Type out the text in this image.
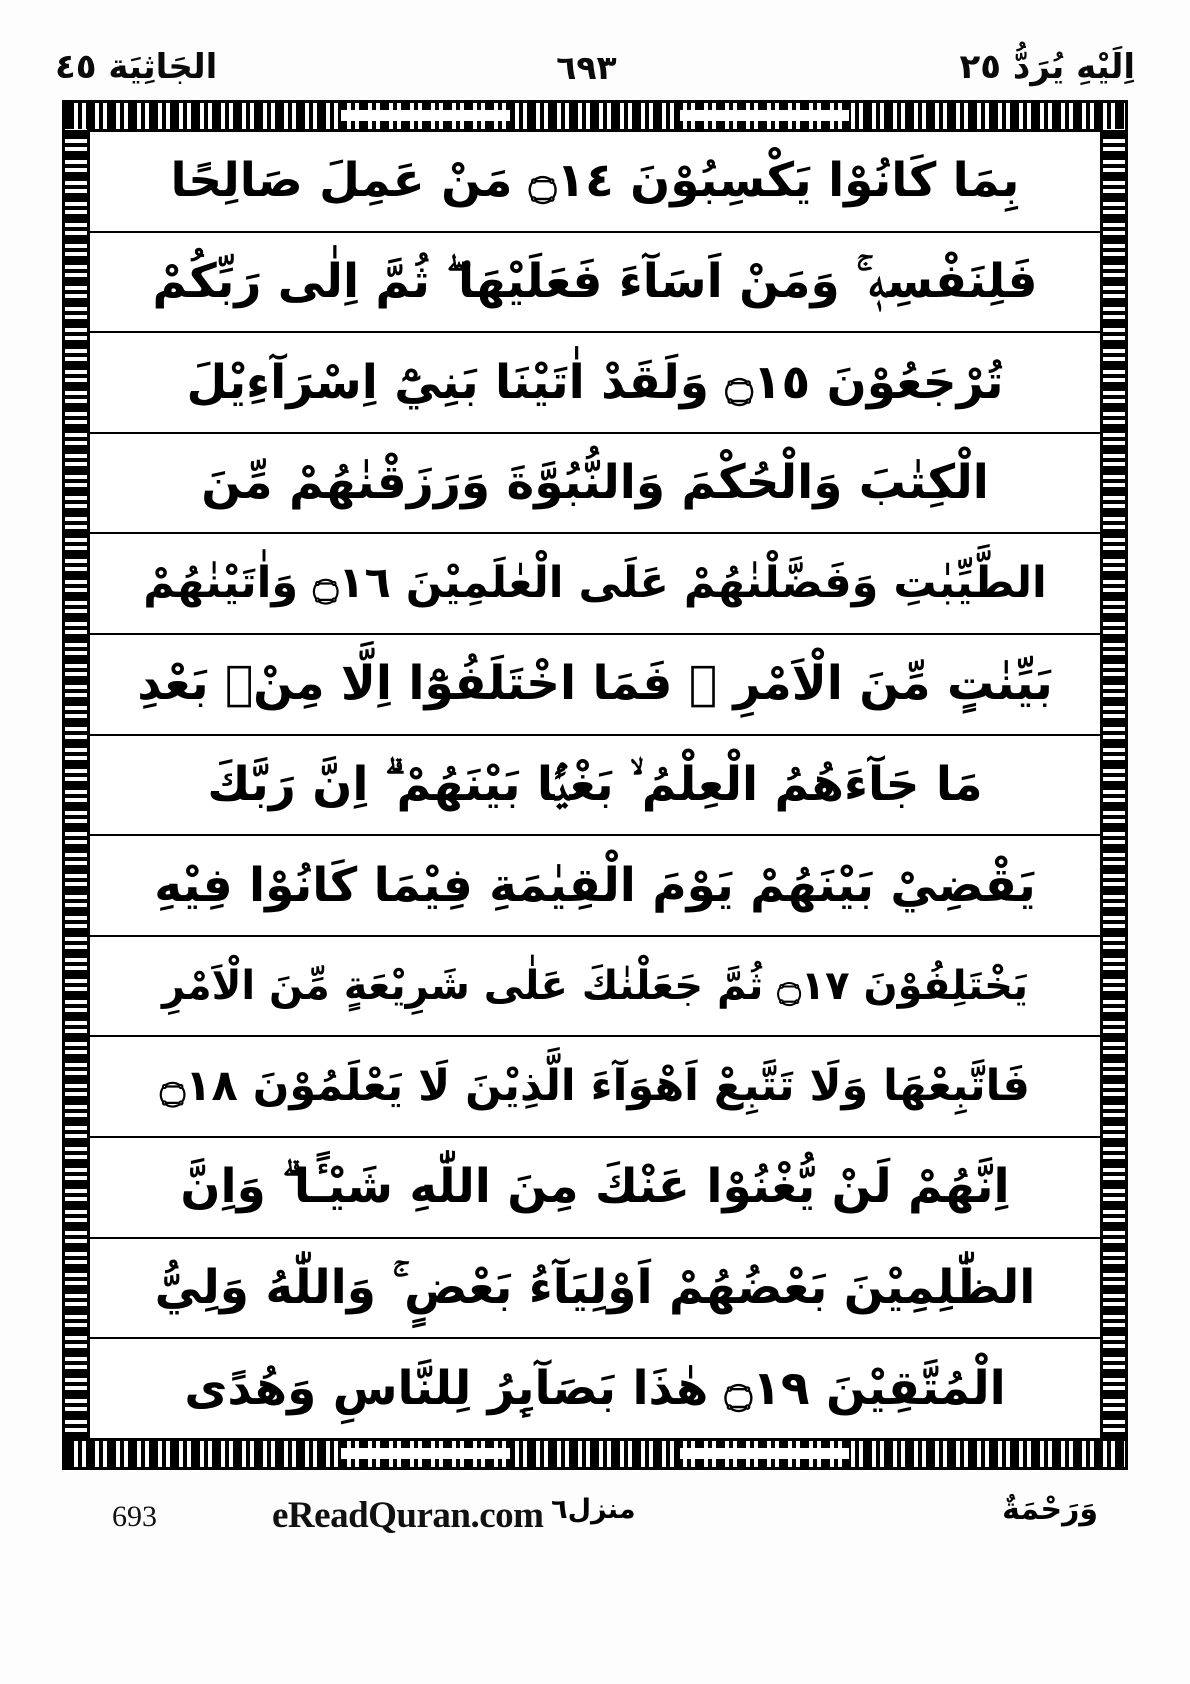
اِلَيْهِ يُرَدُّ ٢٥
٦٩٣
الجَاثِيَة ٤٥
بِمَا كَانُوْا يَكْسِبُوْنَ ۝١٤ مَنْ عَمِلَ صَالِحًا
فَلِنَفْسِهٖ ۚ وَمَنْ اَسَآءَ فَعَلَيْهَا ۖ ثُمَّ اِلٰى رَبِّكُمْ
تُرْجَعُوْنَ ۝١٥ وَلَقَدْ اٰتَيْنَا بَنِيْٓ اِسْرَآءِيْلَ
الْكِتٰبَ وَالْحُكْمَ وَالنُّبُوَّةَ وَرَزَقْنٰهُمْ مِّنَ
الطَّيِّبٰتِ وَفَضَّلْنٰهُمْ عَلَى الْعٰلَمِيْنَ ۝١٦ وَاٰتَيْنٰهُمْ
بَيِّنٰتٍ مِّنَ الْاَمْرِ ۚ فَمَا اخْتَلَفُوْٓا اِلَّا مِنْۢ بَعْدِ
مَا جَآءَهُمُ الْعِلْمُ ۙ بَغْيًۢا بَيْنَهُمْ ۗ اِنَّ رَبَّكَ
يَقْضِيْ بَيْنَهُمْ يَوْمَ الْقِيٰمَةِ فِيْمَا كَانُوْا فِيْهِ
يَخْتَلِفُوْنَ ۝١٧ ثُمَّ جَعَلْنٰكَ عَلٰى شَرِيْعَةٍ مِّنَ الْاَمْرِ
فَاتَّبِعْهَا وَلَا تَتَّبِعْ اَهْوَآءَ الَّذِيْنَ لَا يَعْلَمُوْنَ ۝١٨
اِنَّهُمْ لَنْ يُّغْنُوْا عَنْكَ مِنَ اللّٰهِ شَيْـًٔا ۗ وَاِنَّ
الظّٰلِمِيْنَ بَعْضُهُمْ اَوْلِيَآءُ بَعْضٍ ۚ وَاللّٰهُ وَلِيُّ
الْمُتَّقِيْنَ ۝١٩ هٰذَا بَصَآىِٕرُ لِلنَّاسِ وَهُدًى
وَرَحْمَةٌ
منزل٦
eReadQuran.com
693
